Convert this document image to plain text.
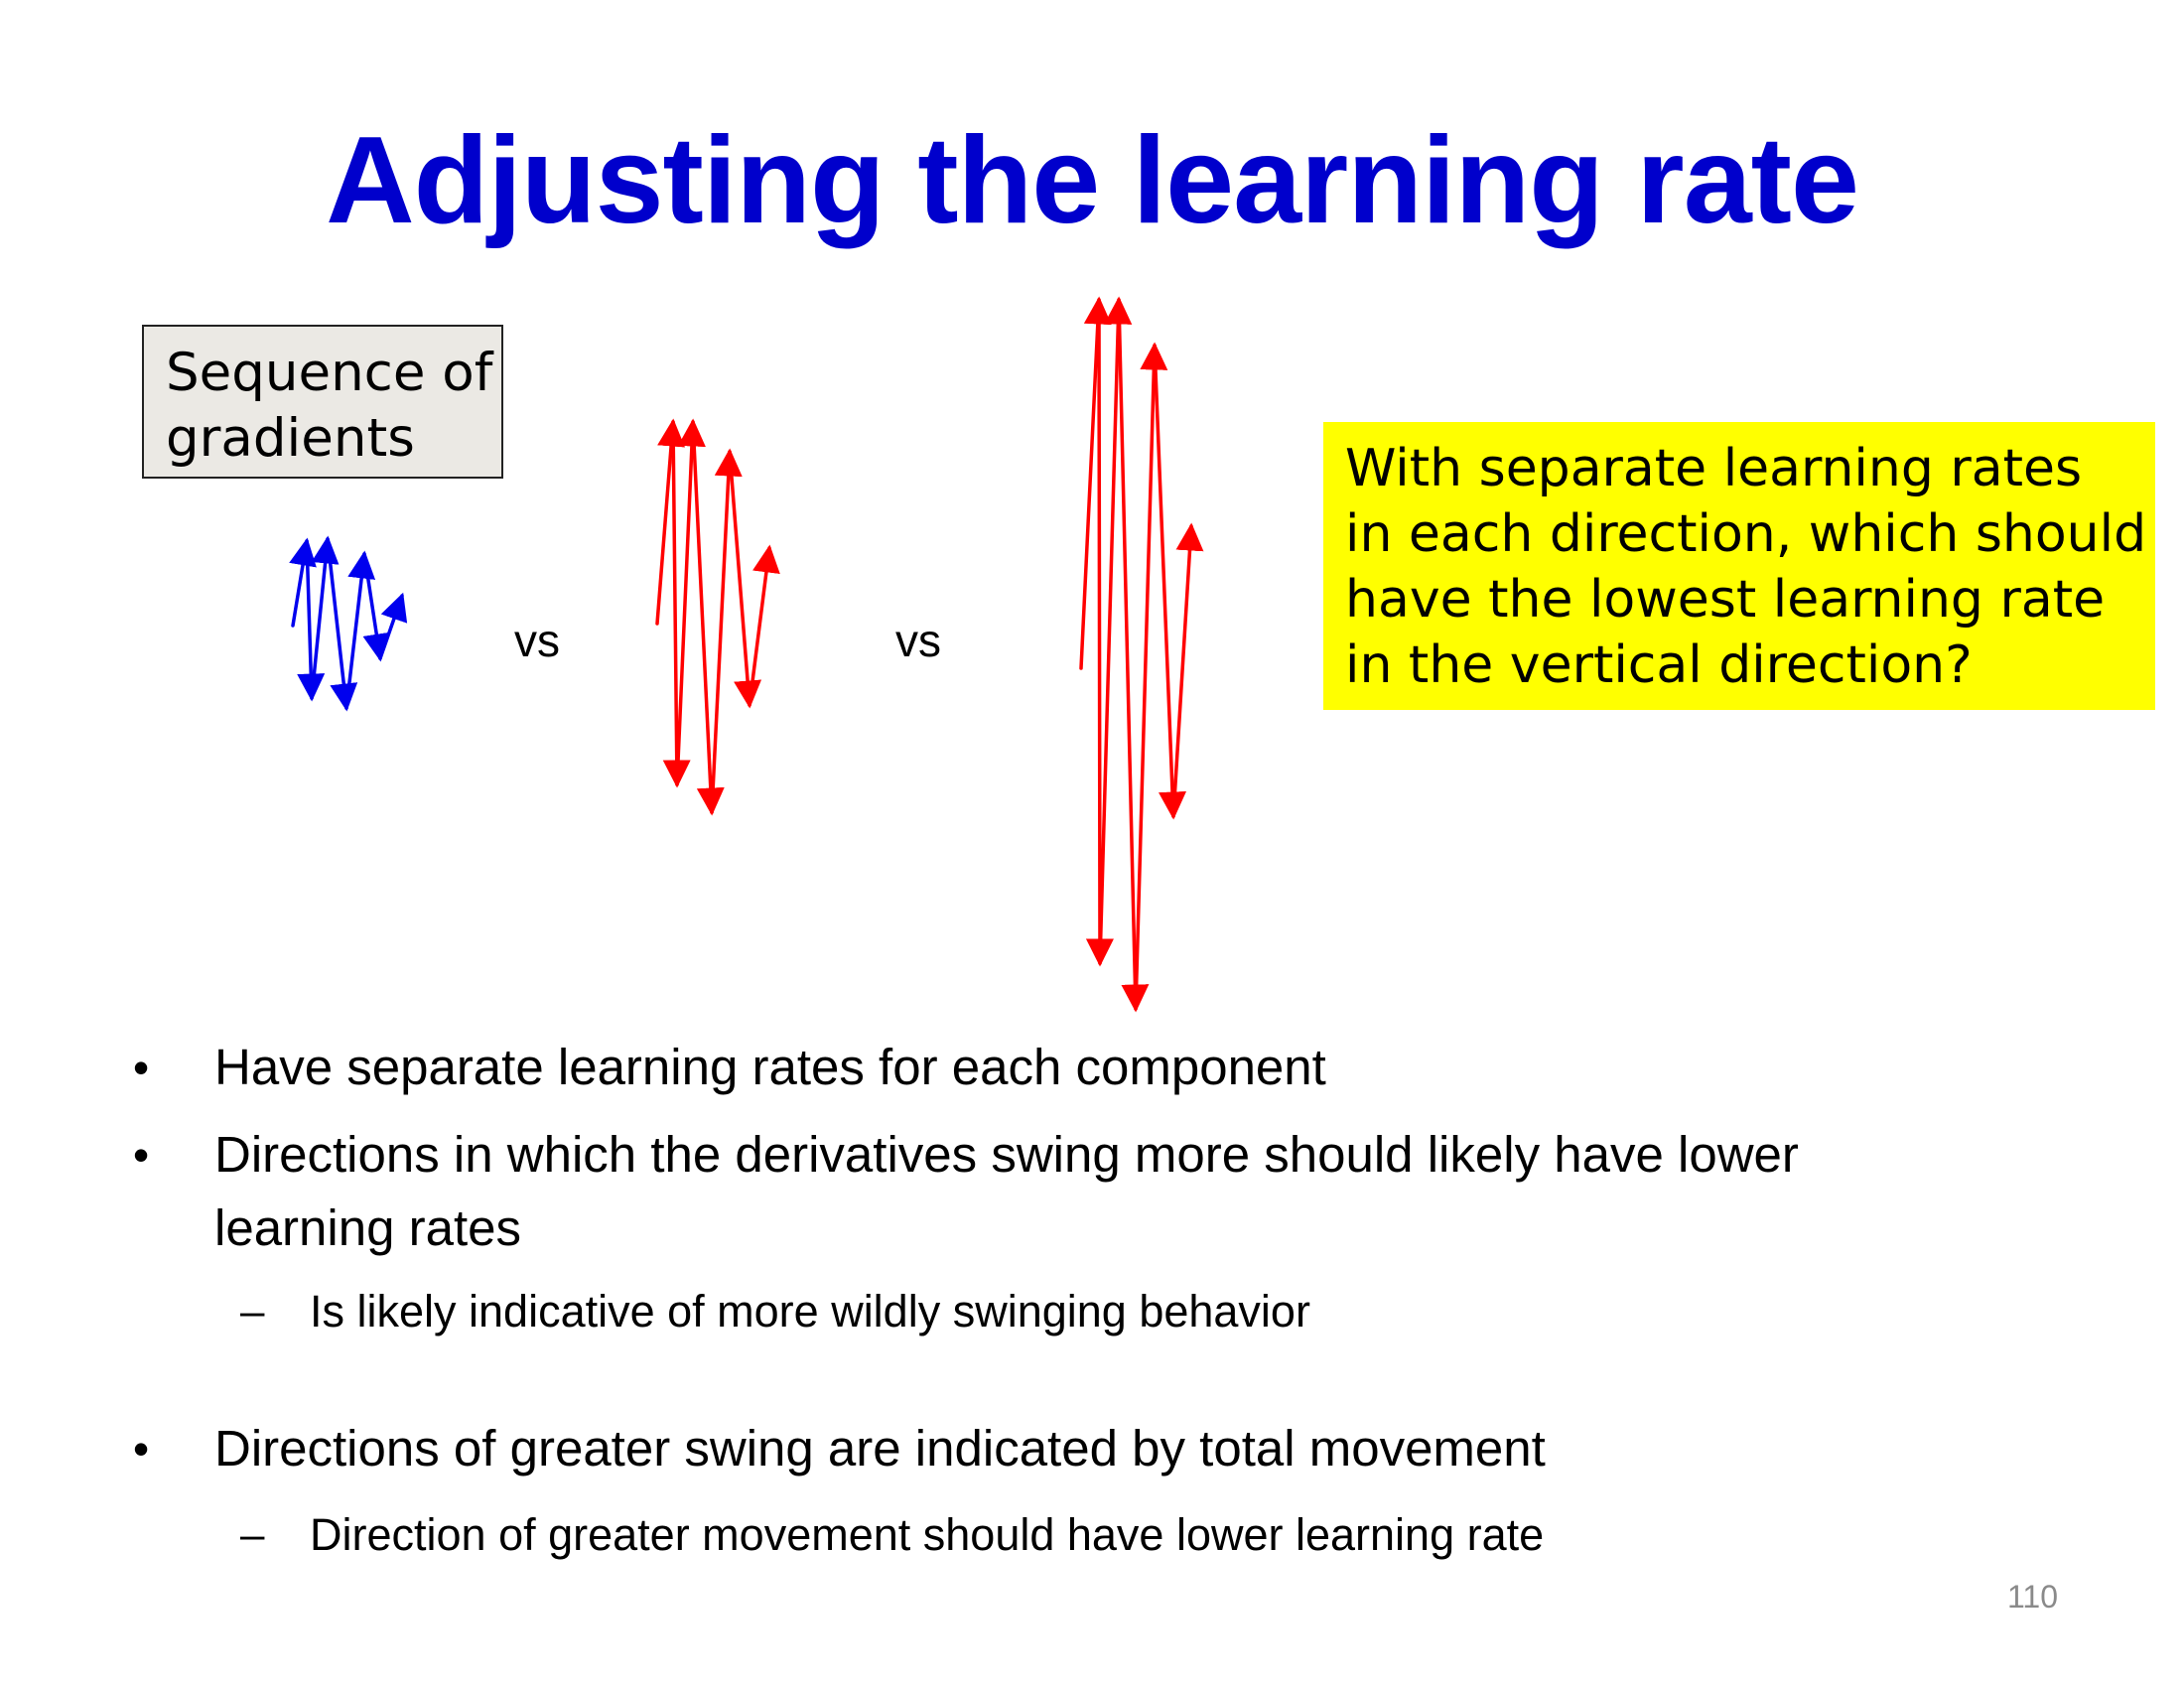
Adjusting the learning rate
Sequence of
gradients
vs	vs
With separate learning rates
in each direction, which should
have the lowest learning rate
in the vertical direction?
• Have separate learning rates for each component
• Directions in which the derivatives swing more should likely have lower
learning rates
– Is likely indicative of more wildly swinging behavior
• Directions of greater swing are indicated by total movement
– Direction of greater movement should have lower learning rate
110
